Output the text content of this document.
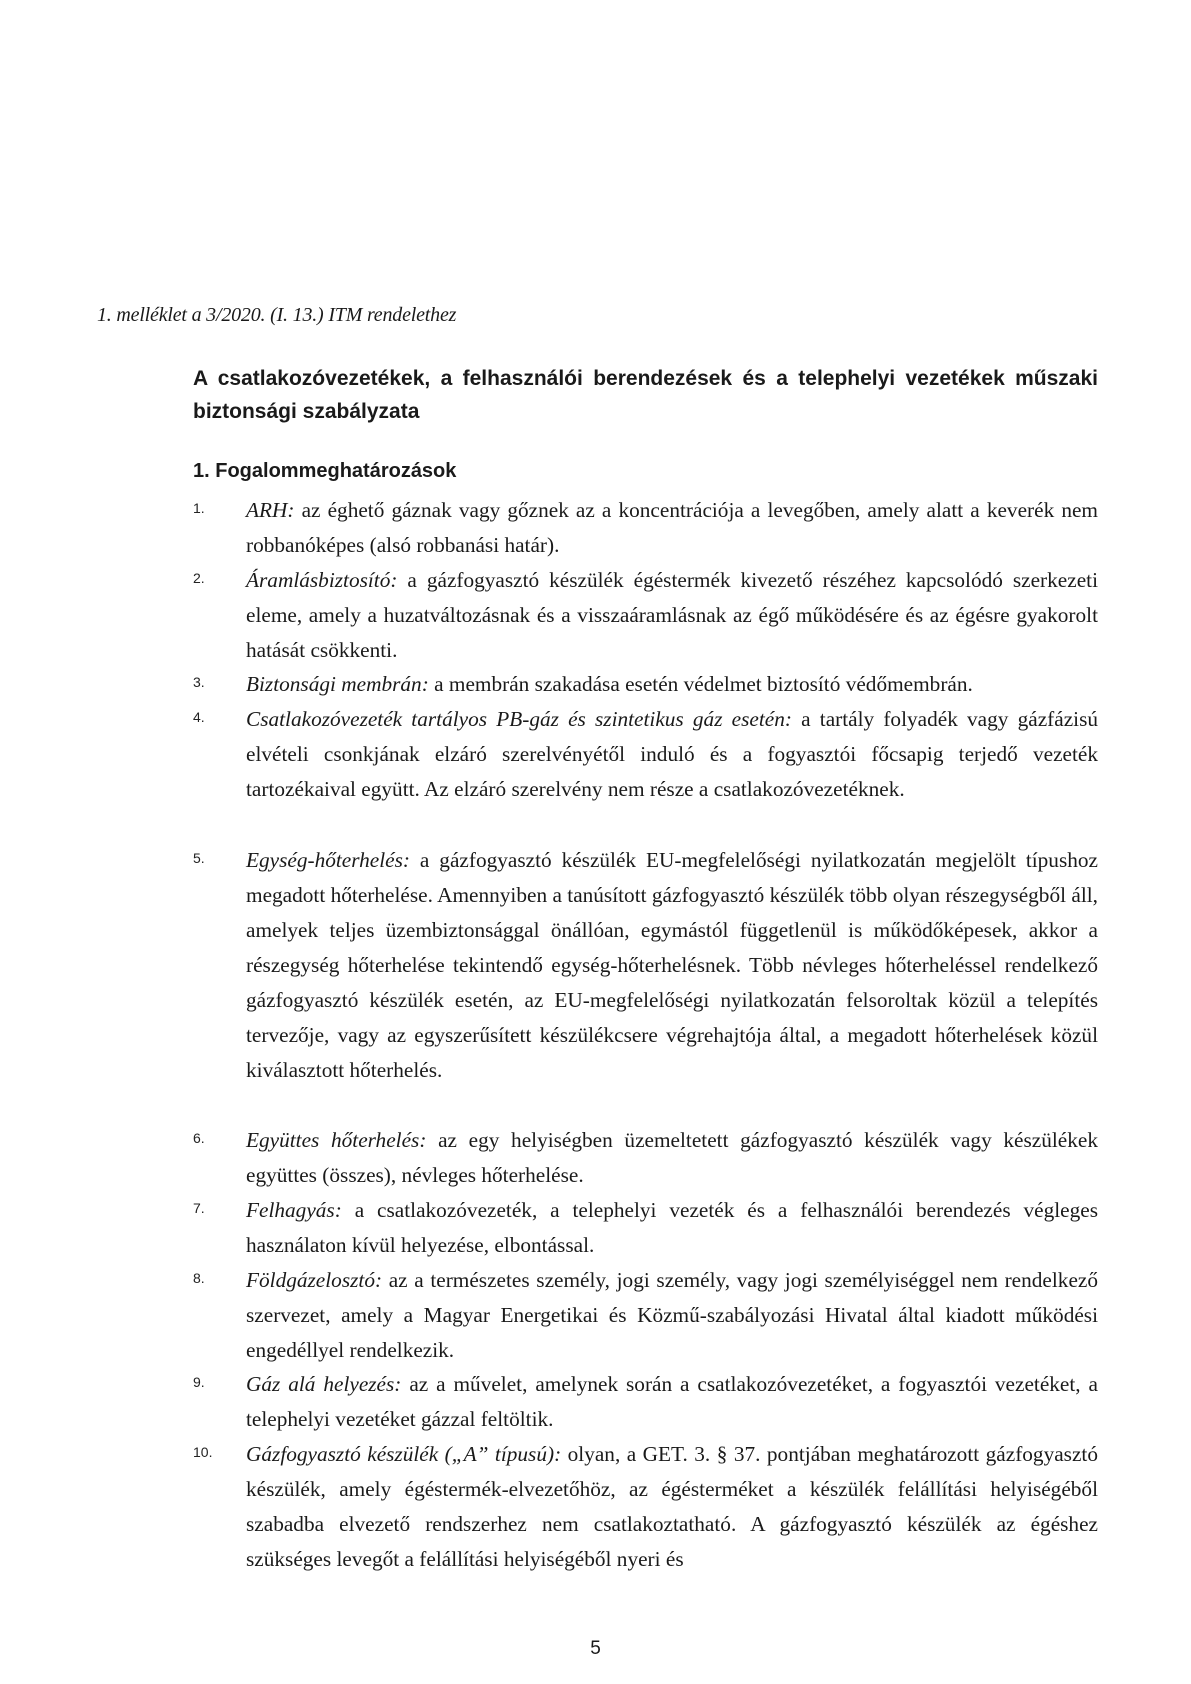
1. melléklet a 3/2020. (I. 13.) ITM rendelethez
A csatlakozóvezetékek, a felhasználói berendezések és a telephelyi vezetékek műszaki biztonsági szabályzata
1. Fogalommeghatározások
1.	ARH: az éghető gáznak vagy gőznek az a koncentrációja a levegőben, amely alatt a keverék nem robbanóképes (alsó robbanási határ).
2.	Áramlásbiztosító: a gázfogyasztó készülék égéstermék kivezető részéhez kapcsolódó szerkezeti eleme, amely a huzatváltozásnak és a visszaáramlásnak az égő működésére és az égésre gyakorolt hatását csökkenti.
3.	Biztonsági membrán: a membrán szakadása esetén védelmet biztosító védőmembrán.
4.	Csatlakozóvezeték tartályos PB-gáz és szintetikus gáz esetén: a tartály folyadék vagy gázfázisú elvételi csonkjának elzáró szerelvényétől induló és a fogyasztói főcsapig terjedő vezeték tartozékaival együtt. Az elzáró szerelvény nem része a csatlakozóvezetéknek.
5.	Egység-hőterhelés: a gázfogyasztó készülék EU-megfelelőségi nyilatkozatán megjelölt típushoz megadott hőterhelése. Amennyiben a tanúsított gázfogyasztó készülék több olyan részegységből áll, amelyek teljes üzembiztonsággal önállóan, egymástól függetlenül is működőképesek, akkor a részegység hőterhelése tekintendő egység-hőterhelésnek. Több névleges hőterheléssel rendelkező gázfogyasztó készülék esetén, az EU-megfelelőségi nyilatkozatán felsoroltak közül a telepítés tervezője, vagy az egyszerűsített készülékcsere végrehajtója által, a megadott hőterhelések közül kiválasztott hőterhelés.
6.	Együttes hőterhelés: az egy helyiségben üzemeltetett gázfogyasztó készülék vagy készülékek együttes (összes), névleges hőterhelése.
7.	Felhagyás: a csatlakozóvezeték, a telephelyi vezeték és a felhasználói berendezés végleges használaton kívül helyezése, elbontással.
8.	Földgázelosztó: az a természetes személy, jogi személy, vagy jogi személyiséggel nem rendelkező szervezet, amely a Magyar Energetikai és Közmű-szabályozási Hivatal által kiadott működési engedéllyel rendelkezik.
9.	Gáz alá helyezés: az a művelet, amelynek során a csatlakozóvezetéket, a fogyasztói vezetéket, a telephelyi vezetéket gázzal feltöltik.
10.	Gázfogyasztó készülék („A” típusú): olyan, a GET. 3. § 37. pontjában meghatározott gázfogyasztó készülék, amely égéstermék-elvezetőhöz, az égésterméket a készülék felállítási helyiségéből szabadba elvezető rendszerhez nem csatlakoztatható. A gázfogyasztó készülék az égéshez szükséges levegőt a felállítási helyiségéből nyeri és
5
